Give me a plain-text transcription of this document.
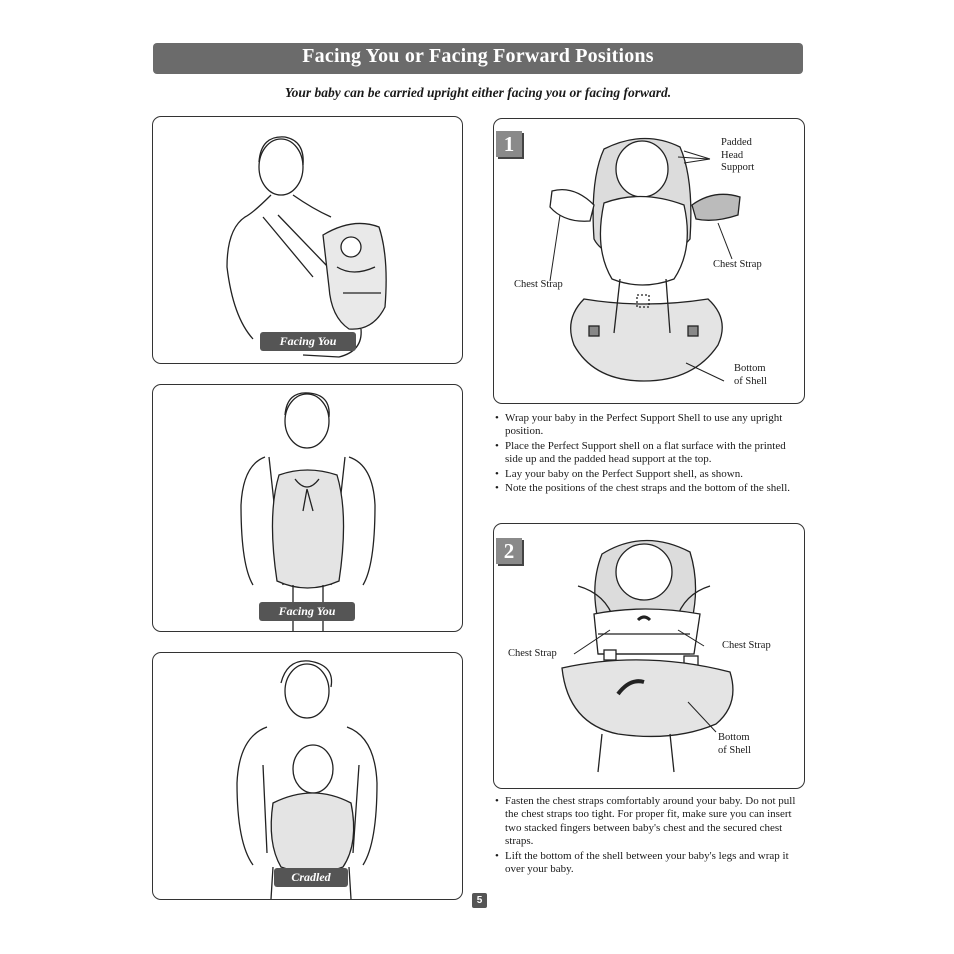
Facing You or Facing Forward Positions
Your baby can be carried upright either facing you or facing forward.
Facing You
Facing You
Cradled
1	Padded
Head
Support
Chest Strap
Chest Strap
Bottom
of Shell
• Wrap your baby in the Perfect Support Shell to use any upright position.
• Place the Perfect Support shell on a flat surface with the printed side up and the padded head support at the top.
• Lay your baby on the Perfect Support shell, as shown.
• Note the positions of the chest straps and the bottom of the shell.
2
Chest Strap
Chest Strap
Bottom
of Shell
• Fasten the chest straps comfortably around your baby. Do not pull the chest straps too tight. For proper fit, make sure you can insert two stacked fingers between baby's chest and the secured chest straps.
• Lift the bottom of the shell between your baby's legs and wrap it over your baby.
5
